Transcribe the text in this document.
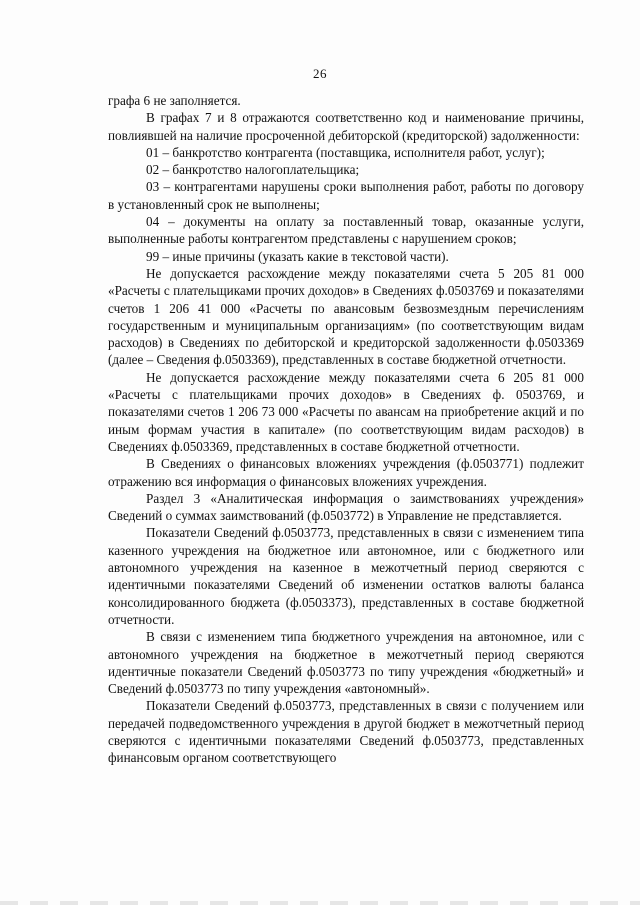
26

графа 6 не заполняется.

В графах 7 и 8 отражаются соответственно код и наименование причины, повлиявшей на наличие просроченной дебиторской (кредиторской) задолженности:

01 – банкротство контрагента (поставщика, исполнителя работ, услуг);

02 – банкротство налогоплательщика;

03 – контрагентами нарушены сроки выполнения работ, работы по договору в установленный срок не выполнены;

04 – документы на оплату за поставленный товар, оказанные услуги, выполненные работы контрагентом представлены с нарушением сроков;

99 – иные причины (указать какие в текстовой части).

Не допускается расхождение между показателями счета 5 205 81 000 «Расчеты с плательщиками прочих доходов» в Сведениях ф.0503769 и показателями счетов 1 206 41 000 «Расчеты по авансовым безвозмездным перечислениям государственным и муниципальным организациям» (по соответствующим видам расходов) в Сведениях по дебиторской и кредиторской задолженности ф.0503369 (далее – Сведения ф.0503369), представленных в составе бюджетной отчетности.

Не допускается расхождение между показателями счета 6 205 81 000 «Расчеты с плательщиками прочих доходов» в Сведениях ф. 0503769, и показателями счетов 1 206 73 000 «Расчеты по авансам на приобретение акций и по иным формам участия в капитале» (по соответствующим видам расходов) в Сведениях ф.0503369, представленных в составе бюджетной отчетности.

В Сведениях о финансовых вложениях учреждения (ф.0503771) подлежит отражению вся информация о финансовых вложениях учреждения.

Раздел 3 «Аналитическая информация о заимствованиях учреждения» Сведений о суммах заимствований (ф.0503772) в Управление не представляется.

Показатели Сведений ф.0503773, представленных в связи с изменением типа казенного учреждения на бюджетное или автономное, или с бюджетного или автономного учреждения на казенное в межотчетный период сверяются с идентичными показателями Сведений об изменении остатков валюты баланса консолидированного бюджета (ф.0503373), представленных в составе бюджетной отчетности.

В связи с изменением типа бюджетного учреждения на автономное, или с автономного учреждения на бюджетное в межотчетный период сверяются идентичные показатели Сведений ф.0503773 по типу учреждения «бюджетный» и Сведений ф.0503773 по типу учреждения «автономный».

Показатели Сведений ф.0503773, представленных в связи с получением или передачей подведомственного учреждения в другой бюджет в межотчетный период сверяются с идентичными показателями Сведений ф.0503773, представленных финансовым органом соответствующего
